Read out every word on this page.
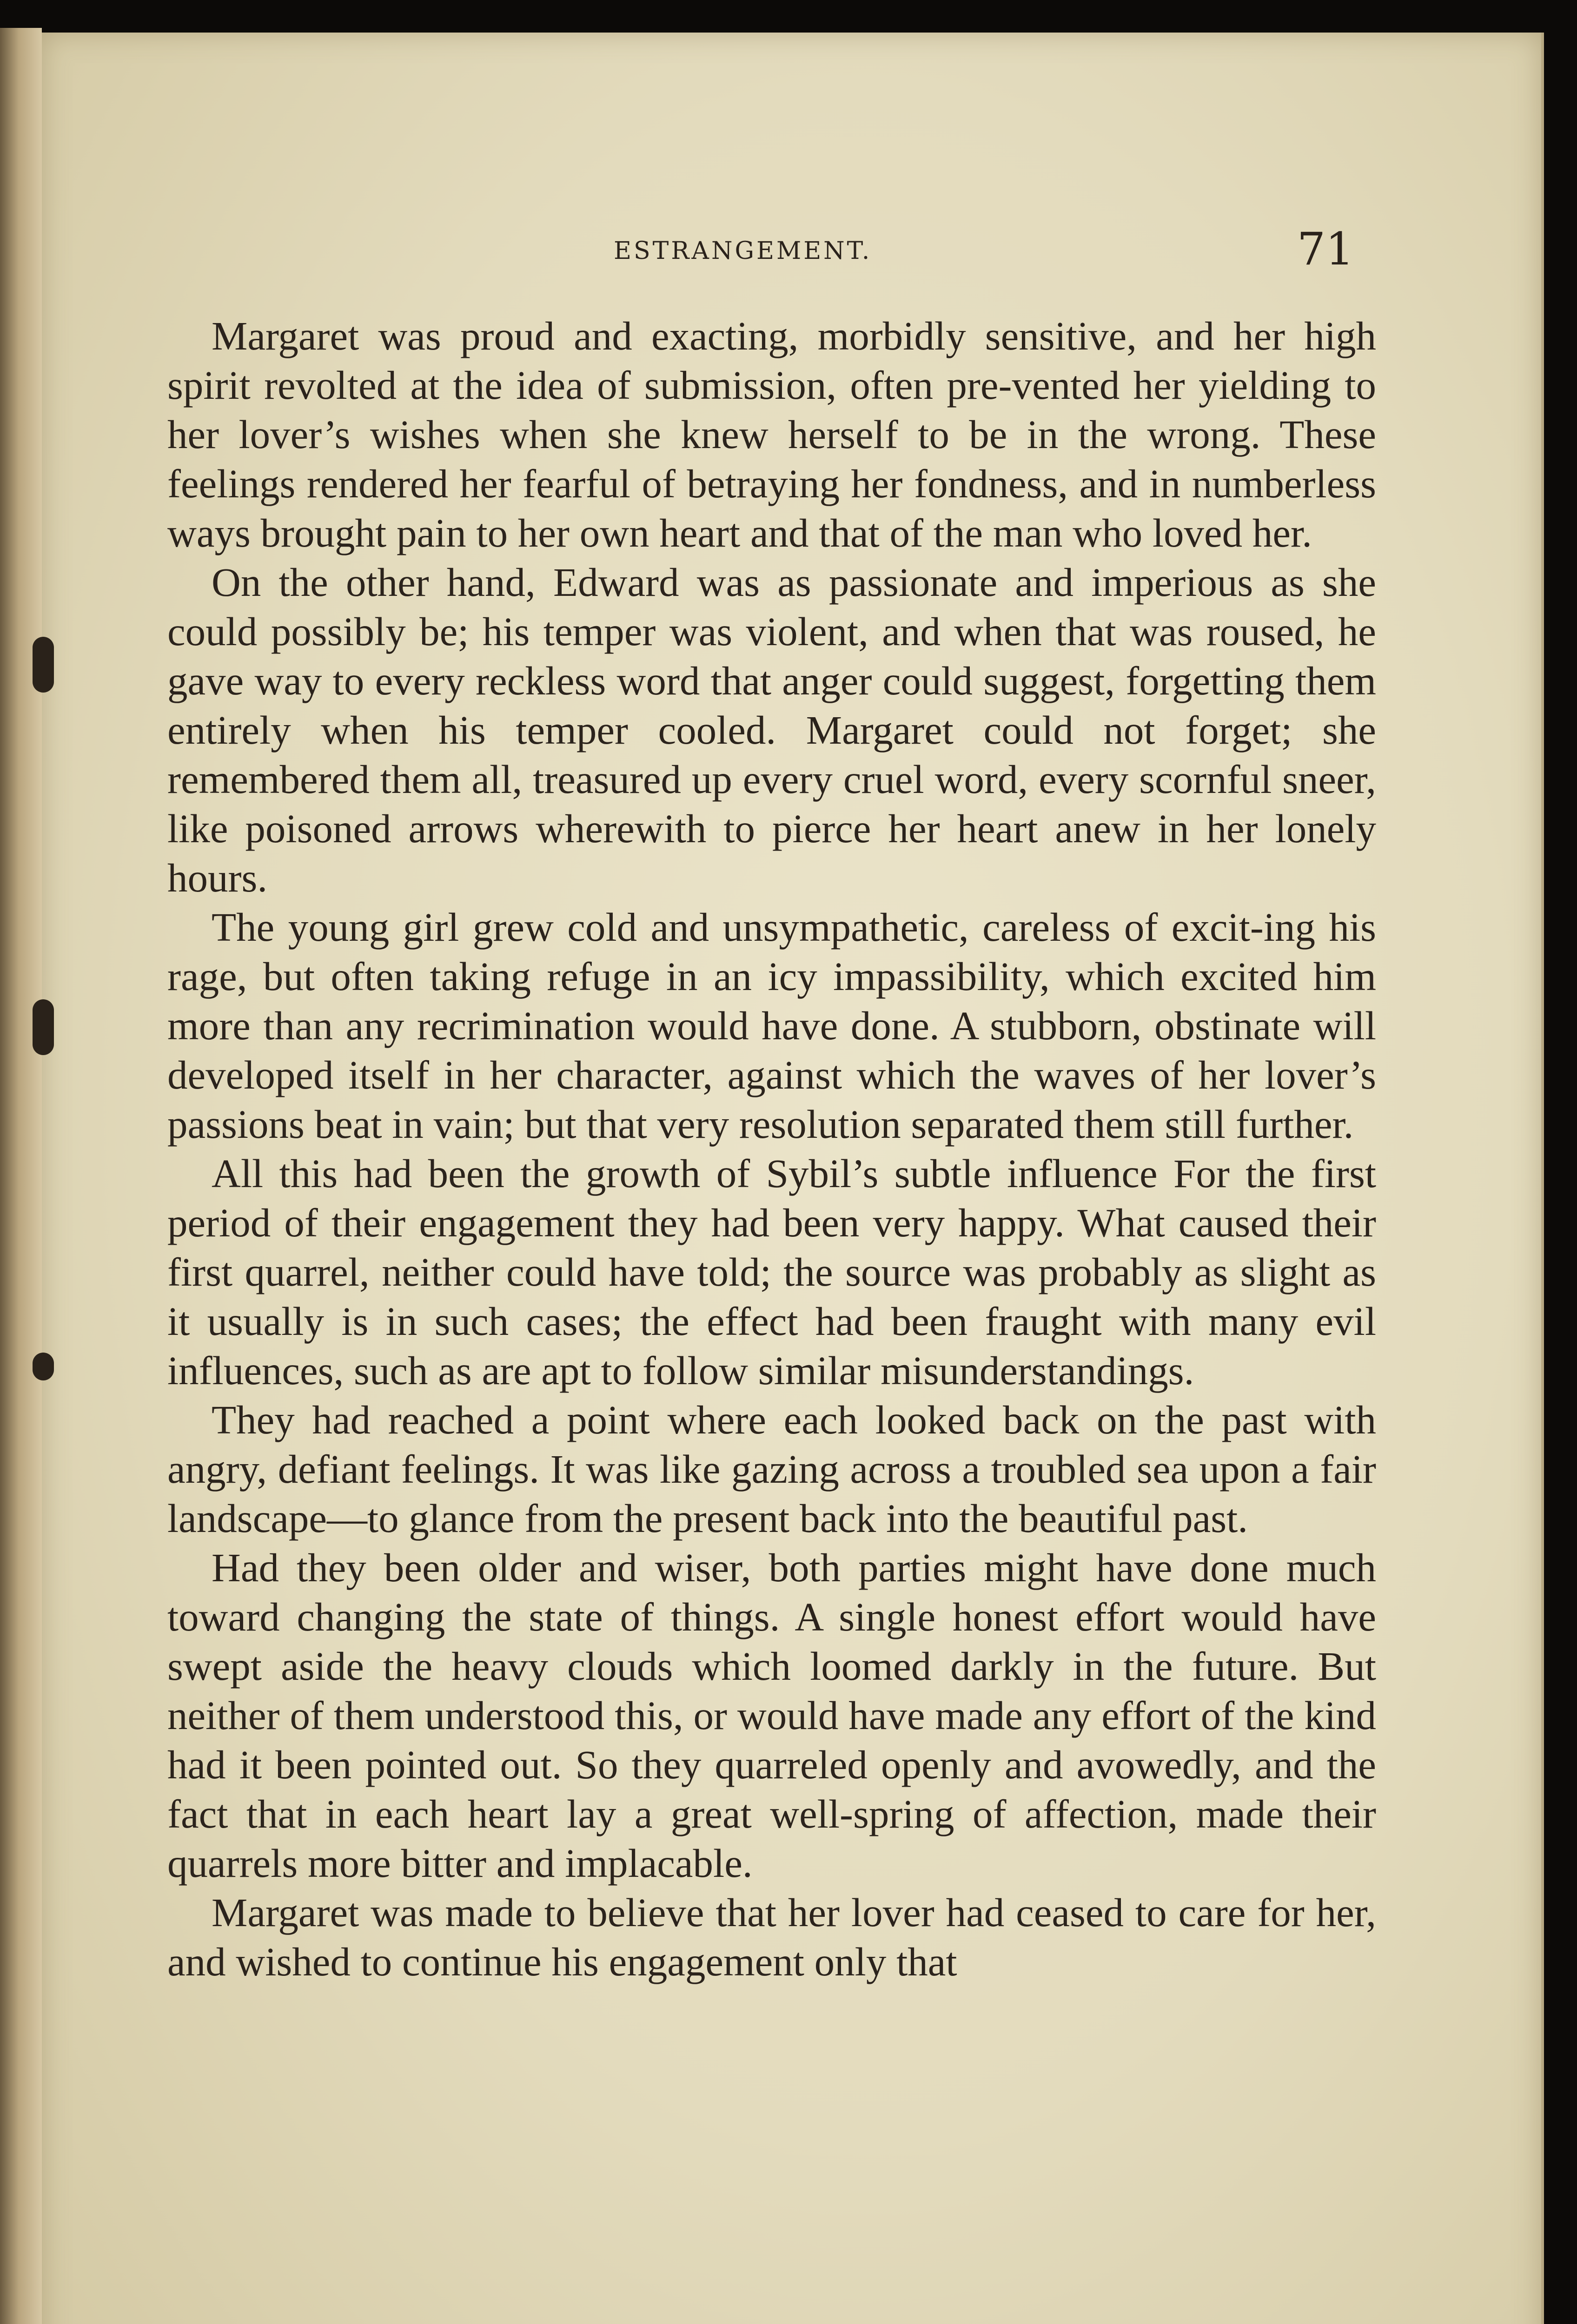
ESTRANGEMENT.	71

Margaret was proud and exacting, morbidly sensitive, and her high spirit revolted at the idea of submission, often pre-vented her yielding to her lover’s wishes when she knew herself to be in the wrong. These feelings rendered her fearful of betraying her fondness, and in numberless ways brought pain to her own heart and that of the man who loved her.

On the other hand, Edward was as passionate and imperious as she could possibly be; his temper was violent, and when that was roused, he gave way to every reckless word that anger could suggest, forgetting them entirely when his temper cooled. Margaret could not forget; she remembered them all, treasured up every cruel word, every scornful sneer, like poisoned arrows wherewith to pierce her heart anew in her lonely hours.

The young girl grew cold and unsympathetic, careless of excit-ing his rage, but often taking refuge in an icy impassibility, which excited him more than any recrimination would have done. A stubborn, obstinate will developed itself in her character, against which the waves of her lover’s passions beat in vain; but that very resolution separated them still further.

All this had been the growth of Sybil’s subtle influence For the first period of their engagement they had been very happy. What caused their first quarrel, neither could have told; the source was probably as slight as it usually is in such cases; the effect had been fraught with many evil influences, such as are apt to follow similar misunderstandings.

They had reached a point where each looked back on the past with angry, defiant feelings. It was like gazing across a troubled sea upon a fair landscape—to glance from the present back into the beautiful past.

Had they been older and wiser, both parties might have done much toward changing the state of things. A single honest effort would have swept aside the heavy clouds which loomed darkly in the future. But neither of them understood this, or would have made any effort of the kind had it been pointed out. So they quarreled openly and avowedly, and the fact that in each heart lay a great well-spring of affection, made their quarrels more bitter and implacable.

Margaret was made to believe that her lover had ceased to care for her, and wished to continue his engagement only that
